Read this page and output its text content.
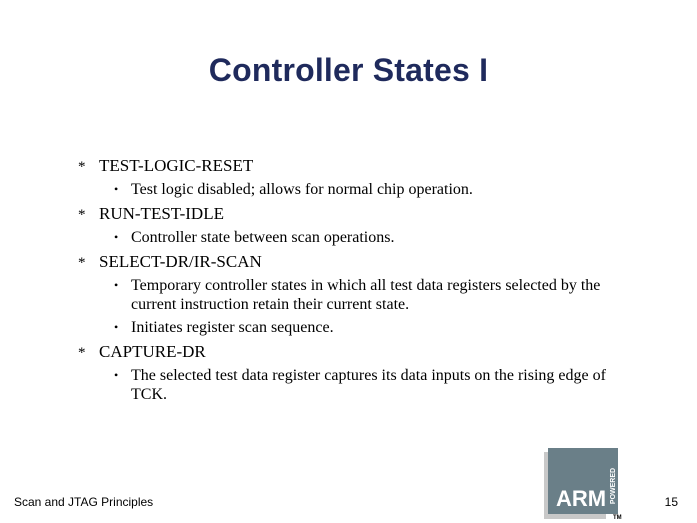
Controller States I
* TEST-LOGIC-RESET
• Test logic disabled; allows for normal chip operation.
* RUN-TEST-IDLE
• Controller state between scan operations.
* SELECT-DR/IR-SCAN
• Temporary controller states in which all test data registers selected by the current instruction retain their current state.
• Initiates register scan sequence.
* CAPTURE-DR
• The selected test data register captures its data inputs on the rising edge of TCK.
Scan and JTAG Principles	15
ARM POWERED
TM
